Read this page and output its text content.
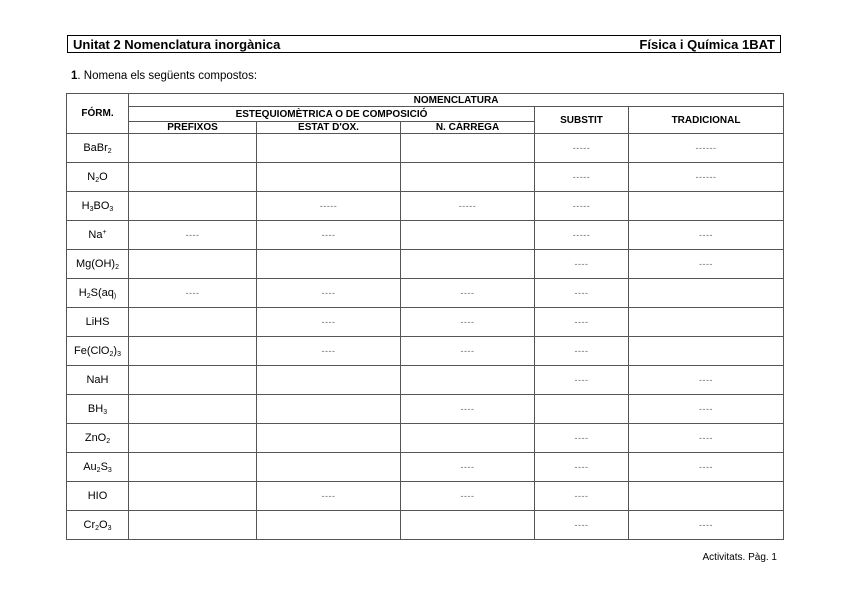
Unitat 2 Nomenclatura inorgànica	Física i Química 1BAT
1. Nomena els següents compostos:
FÓRM.	NOMENCLATURA				
	ESTEQUIOMÈTRICA O DE COMPOSICIÓ			SUBSTIT	TRADICIONAL
	PREFIXOS	ESTAT D'OX.	N. CÀRREGA		
BaBr$_2$				-----	------
$N_2O$				-----	------
$H_3BO_3$		-----	-----	-----	
Na+	----	----		-----	----
$Mg(OH)_2$				----	----
$H_2S(aq_)$	----	----	----	----	
LiHS		----	----	----	
$Fe(ClO_2)_3$		----	----	----	
NaH				----	----
$BH_3$			----		----
ZnO$_2$				----	----
$Au_2S_3$			----	----	----
HIO		----	----	----	
$Cr_2O_3$				----	----
Activitats. Pàg. 1
